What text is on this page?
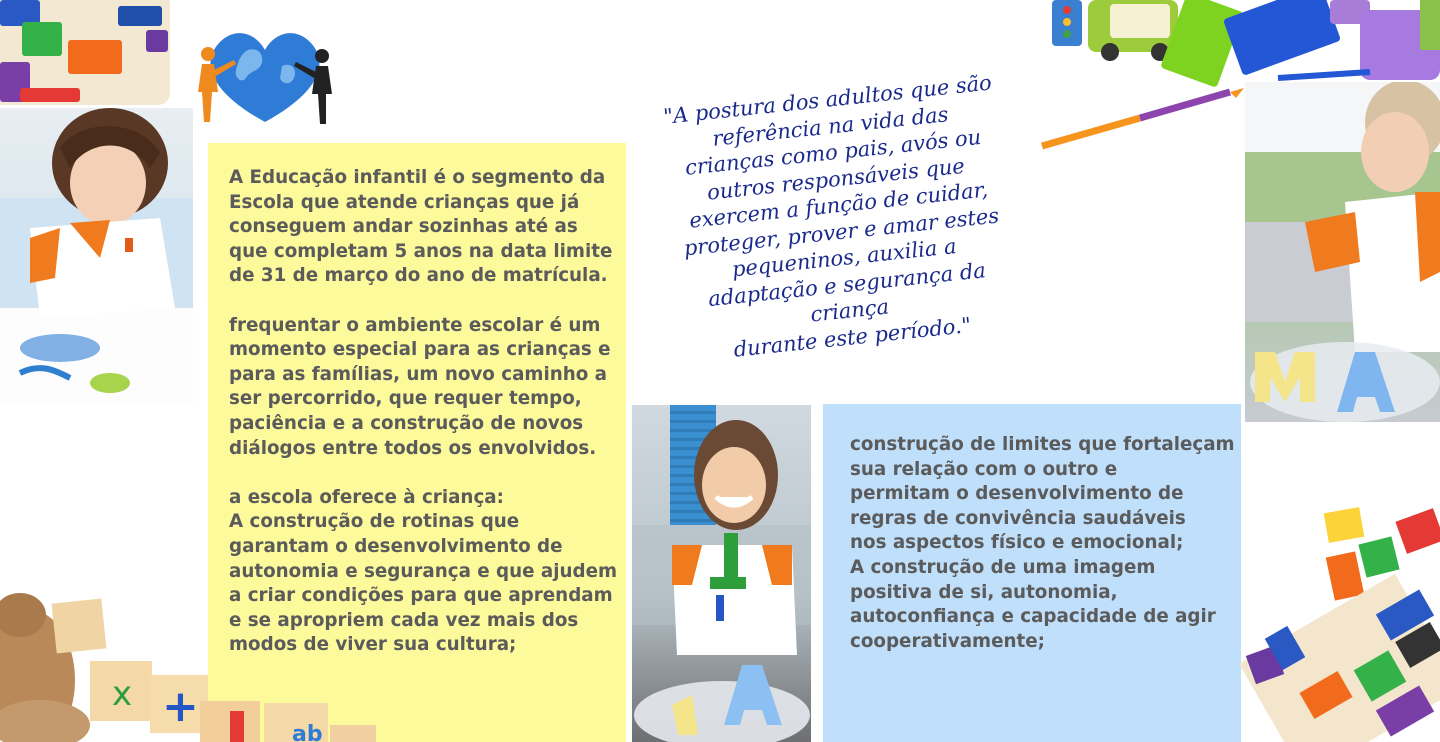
A Educação infantil é o segmento da
Escola que atende crianças que já
conseguem andar sozinhas até as
que completam 5 anos na data limite
de 31 de março do ano de matrícula.

frequentar o ambiente escolar é um
momento especial para as crianças e
para as famílias, um novo caminho a
ser percorrido, que requer tempo,
paciência e a construção de novos
diálogos entre todos os envolvidos.

a escola oferece à criança:
A construção de rotinas que
garantam o desenvolvimento de
autonomia e segurança e que ajudem
a criar condições para que aprendam
e se apropriem cada vez mais dos
modos de viver sua cultura;
x +
ab
"A postura dos adultos que são
referência na vida das
crianças como pais, avós ou
outros responsáveis que
exercem a função de cuidar,
proteger, prover e amar estes
pequeninos, auxilia a
adaptação e segurança da
criança
durante este período."
construção de limites que fortaleçam
sua relação com o outro e
permitam o desenvolvimento de
regras de convivência saudáveis
nos aspectos físico e emocional;
A construção de uma imagem
positiva de si, autonomia,
autoconfiança e capacidade de agir
cooperativamente;
